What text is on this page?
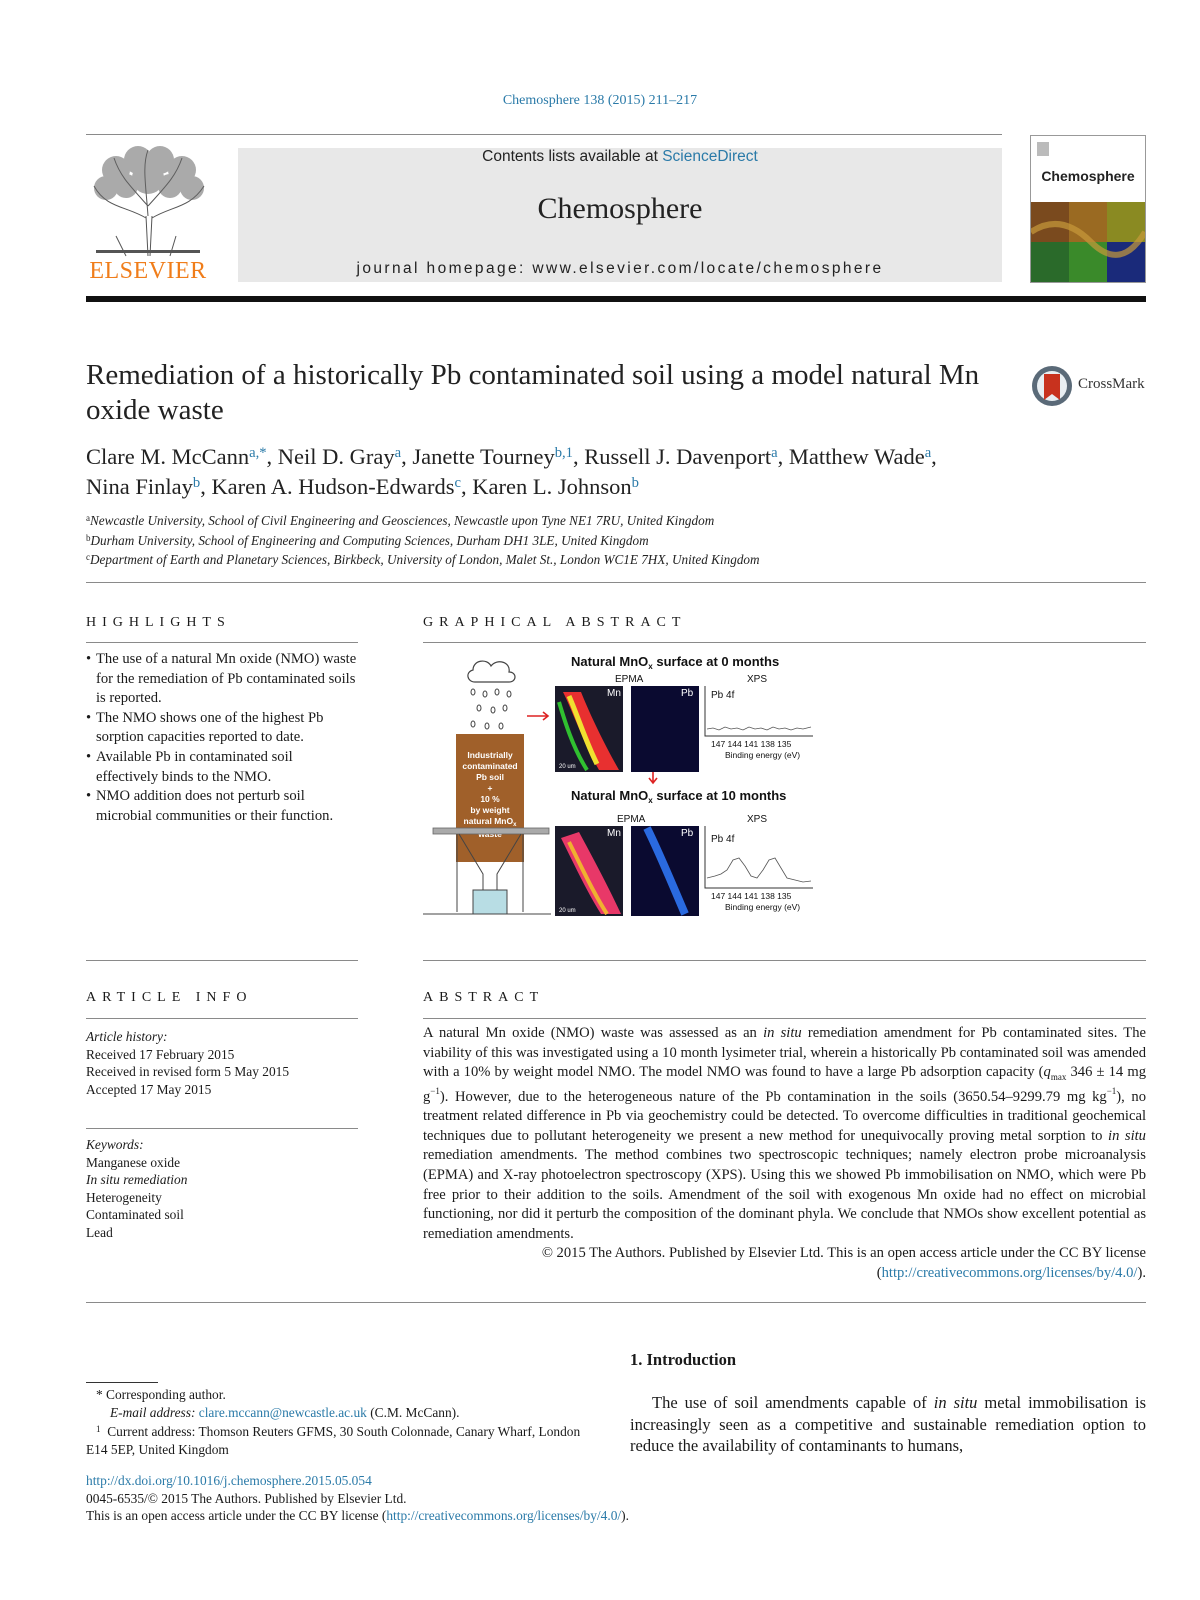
Chemosphere 138 (2015) 211–217
ELSEVIER
Contents lists available at ScienceDirect
Chemosphere
journal homepage: www.elsevier.com/locate/chemosphere
Chemosphere
Remediation of a historically Pb contaminated soil using a model natural Mn oxide waste
CrossMark
Clare M. McCann$^{a,*}$, Neil D. Gray$^a$, Janette Tourney$^{b,1}$, Russell J. Davenport$^a$, Matthew Wade$^a$,
Nina Finlay$^b$, Karen A. Hudson-Edwards$^c$, Karen L. Johnson$^b$
$^a$Newcastle University, School of Civil Engineering and Geosciences, Newcastle upon Tyne NE1 7RU, United Kingdom
$^b$Durham University, School of Engineering and Computing Sciences, Durham DH1 3LE, United Kingdom
$^c$Department of Earth and Planetary Sciences, Birkbeck, University of London, Malet St., London WC1E 7HX, United Kingdom
HIGHLIGHTS
• The use of a natural Mn oxide (NMO) waste for the remediation of Pb contaminated soils is reported.
• The NMO shows one of the highest Pb sorption capacities reported to date.
• Available Pb in contaminated soil effectively binds to the NMO.
• NMO addition does not perturb soil microbial communities or their function.
GRAPHICAL ABSTRACT
Industrially
contaminated
Pb soil
+
10 %
by weight
natural MnO$_x$
Natural MnO$_x$ surface at 0 months
EPMA	XPS
Mn
20 um
Pb Pb 4f
147 144 141 138 135
Binding energy (eV)
Natural MnO$_x$ surface at 10 months
EPMA	XPS
Mn
20 um
Pb
Pb 4f
147 144 141 138 135
Binding energy (eV)
ARTICLE INFO
Article history:
Received 17 February 2015
Received in revised form 5 May 2015
Accepted 17 May 2015
Keywords:
Manganese oxide
In situ remediation
Heterogeneity
Contaminated soil
Lead
ABSTRACT
A natural Mn oxide (NMO) waste was assessed as an in situ remediation amendment for Pb contaminated sites. The viability of this was investigated using a 10 month lysimeter trial, wherein a historically Pb contaminated soil was amended with a 10% by weight model NMO. The model NMO was found to have a large Pb adsorption capacity ($q_{max}$ 346 ± 14 mg $g^{-1}$). However, due to the heterogeneous nature of the Pb contamination in the soils (3650.54–9299.79 mg $kg^{-1}$), no treatment related difference in Pb via geochemistry could be detected. To overcome difficulties in traditional geochemical techniques due to pollutant heterogeneity we present a new method for unequivocally proving metal sorption to in situ remediation amendments. The method combines two spectroscopic techniques; namely electron probe microanalysis (EPMA) and X-ray photoelectron spectroscopy (XPS). Using this we showed Pb immobilisation on NMO, which were Pb free prior to their addition to the soils. Amendment of the soil with exogenous Mn oxide had no effect on microbial functioning, nor did it perturb the composition of the dominant phyla. We conclude that NMOs show excellent potential as remediation amendments.
© 2015 The Authors. Published by Elsevier Ltd. This is an open access article under the CC BY license (http://creativecommons.org/licenses/by/4.0/).
1. Introduction
* Corresponding author.
E-mail address: clare.mccann@newcastle.ac.uk (C.M. McCann).
$^1$ Current address: Thomson Reuters GFMS, 30 South Colonnade, Canary Wharf, London E14 5EP, United Kingdom
http://dx.doi.org/10.1016/j.chemosphere.2015.05.054
0045-6535/© 2015 The Authors. Published by Elsevier Ltd.
This is an open access article under the CC BY license (http://creativecommons.org/licenses/by/4.0/).
The use of soil amendments capable of in situ metal immobilisation is increasingly seen as a competitive and sustainable remediation option to reduce the availability of contaminants to humans,
